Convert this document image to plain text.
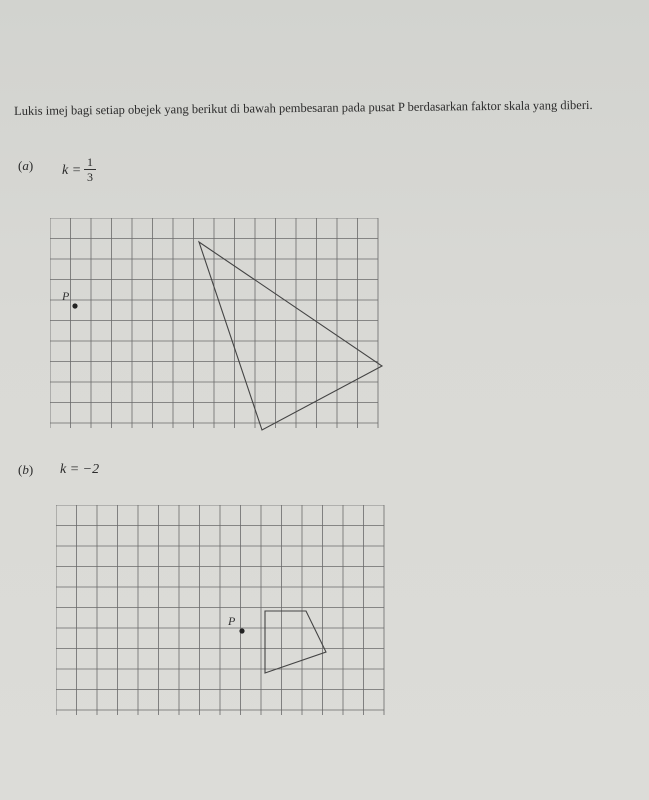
Lukis imej bagi setiap obejek yang berikut di bawah pembesaran pada pusat P berdasarkan faktor skala yang diberi.
(a) k =
1
3
P
(b) k = −2
P
